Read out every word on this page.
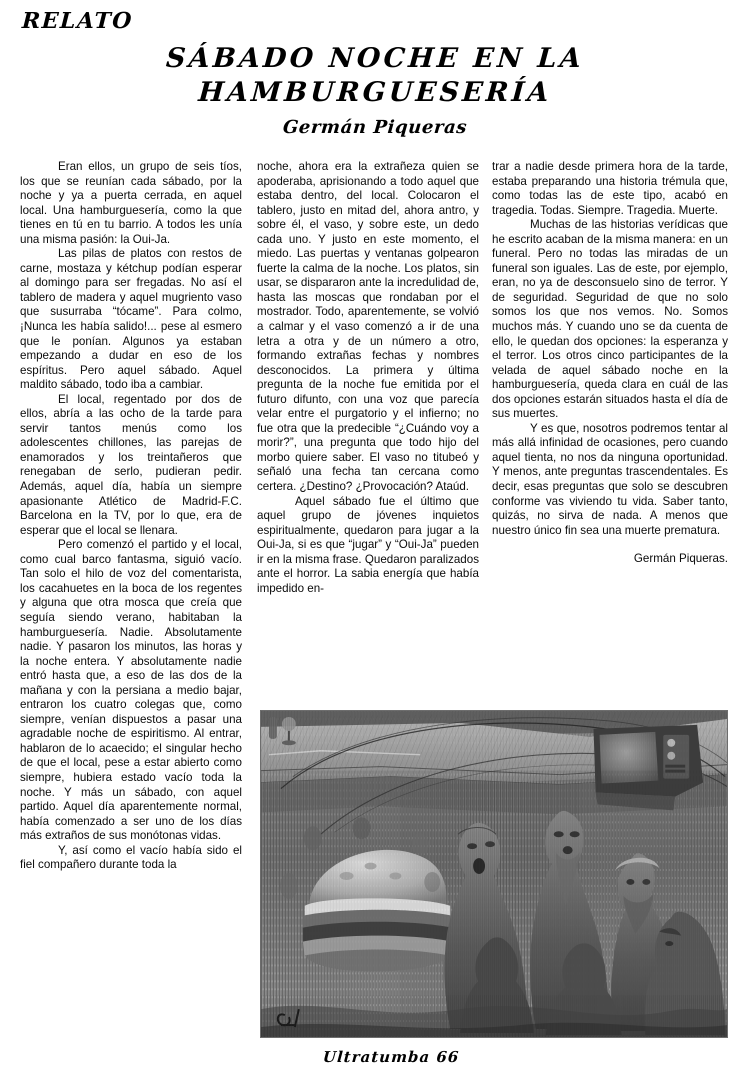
RELATO
SÁBADO NOCHE EN LA
HAMBURGUESERÍA
Germán Piqueras

Eran ellos, un grupo de seis tíos, los que se reunían cada sábado, por la noche y ya a puerta cerrada, en aquel local. Una hamburguesería, como la que tienes en tú en tu barrio. A todos les unía una misma pasión: la Oui-Ja.

Las pilas de platos con restos de carne, mostaza y kétchup podían esperar al domingo para ser fregadas. No así el tablero de madera y aquel mugriento vaso que susurraba “tócame”. Para colmo, ¡Nunca les había salido!... pese al esmero que le ponían. Algunos ya estaban empezando a dudar en eso de los espíritus. Pero aquel sábado. Aquel maldito sábado, todo iba a cambiar.

El local, regentado por dos de ellos, abría a las ocho de la tarde para servir tantos menús como los adolescentes chillones, las parejas de enamorados y los treintañeros que renegaban de serlo, pudieran pedir. Además, aquel día, había un siempre apasionante Atlético de Madrid-F.C. Barcelona en la TV, por lo que, era de esperar que el local se llenara.

Pero comenzó el partido y el local, como cual barco fantasma, siguió vacío. Tan solo el hilo de voz del comentarista, los cacahuetes en la boca de los regentes y alguna que otra mosca que creía que seguía siendo verano, habitaban la hamburguesería. Nadie. Absolutamente nadie. Y pasaron los minutos, las horas y la noche entera. Y absolutamente nadie entró hasta que, a eso de las dos de la mañana y con la persiana a medio bajar, entraron los cuatro colegas que, como siempre, venían dispuestos a pasar una agradable noche de espiritismo. Al entrar, hablaron de lo acaecido; el singular hecho de que el local, pese a estar abierto como siempre, hubiera estado vacío toda la noche. Y más un sábado, con aquel partido. Aquel día aparentemente normal, había comenzado a ser uno de los días más extraños de sus monótonas vidas.

Y, así como el vacío había sido el fiel compañero durante toda la

noche, ahora era la extrañeza quien se apoderaba, aprisionando a todo aquel que estaba dentro, del local. Colocaron el tablero, justo en mitad del, ahora antro, y sobre él, el vaso, y sobre este, un dedo cada uno. Y justo en este momento, el miedo. Las puertas y ventanas golpearon fuerte la calma de la noche. Los platos, sin usar, se dispararon ante la incredulidad de, hasta las moscas que rondaban por el mostrador. Todo, aparentemente, se volvió a calmar y el vaso comenzó a ir de una letra a otra y de un número a otro, formando extrañas fechas y nombres desconocidos. La primera y última pregunta de la noche fue emitida por el futuro difunto, con una voz que parecía velar entre el purgatorio y el infierno; no fue otra que la predecible “¿Cuándo voy a morir?”, una pregunta que todo hijo del morbo quiere saber. El vaso no titubeó y señaló una fecha tan cercana como certera. ¿Destino? ¿Provocación? Ataúd.

Aquel sábado fue el último que aquel grupo de jóvenes inquietos espiritualmente, quedaron para jugar a la Oui-Ja, si es que “jugar” y “Oui-Ja” pueden ir en la misma frase. Quedaron paralizados ante el horror. La sabia energía que había impedido en-

trar a nadie desde primera hora de la tarde, estaba preparando una historia trémula que, como todas las de este tipo, acabó en tragedia. Todas. Siempre. Tragedia. Muerte.

Muchas de las historias verídicas que he escrito acaban de la misma manera: en un funeral. Pero no todas las miradas de un funeral son iguales. Las de este, por ejemplo, eran, no ya de desconsuelo sino de terror. Y de seguridad. Seguridad de que no solo somos los que nos vemos. No. Somos muchos más. Y cuando uno se da cuenta de ello, le quedan dos opciones: la esperanza y el terror. Los otros cinco participantes de la velada de aquel sábado noche en la hamburguesería, queda clara en cuál de las dos opciones estarán situados hasta el día de sus muertes.

Y es que, nosotros podremos tentar al más allá infinidad de ocasiones, pero cuando aquel tienta, no nos da ninguna oportunidad. Y menos, ante preguntas trascendentales. Es decir, esas preguntas que solo se descubren conforme vas viviendo tu vida. Saber tanto, quizás, no sirva de nada. A menos que nuestro único fin sea una muerte prematura.

Germán Piqueras.

Ultratumba 66
